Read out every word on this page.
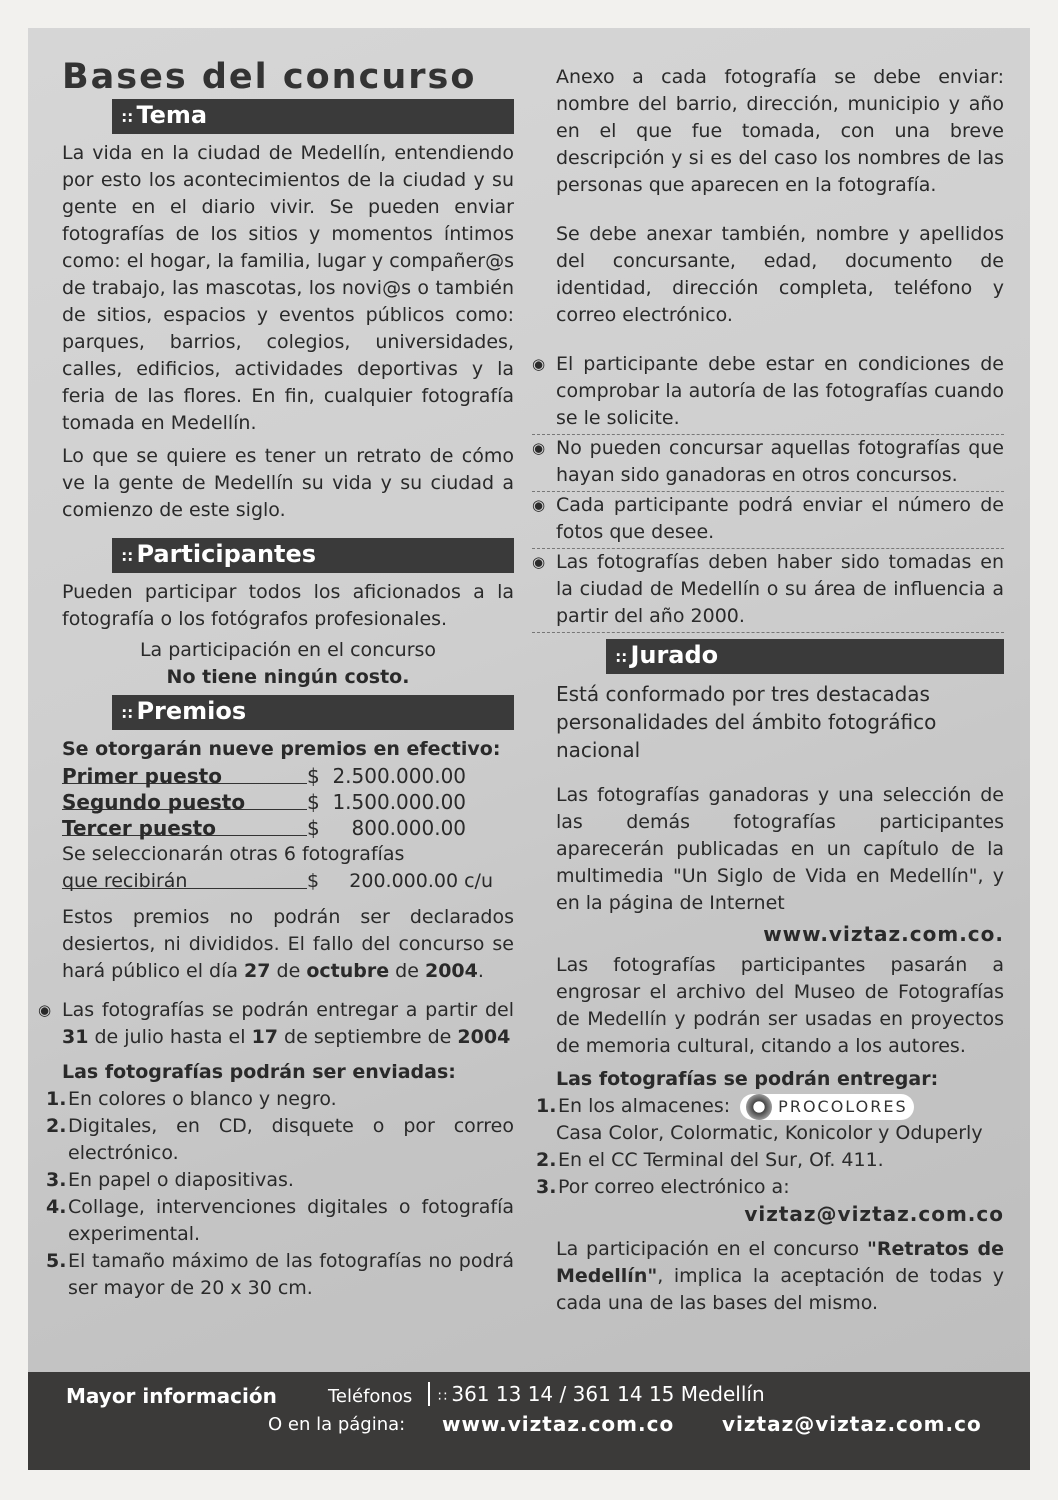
Bases del concurso
∷ Tema

La vida en la ciudad de Medellín, entendiendo por esto los acontecimientos de la ciudad y su gente en el diario vivir. Se pueden enviar fotografías de los sitios y momentos íntimos como: el hogar, la familia, lugar y compañer@s de trabajo, las mascotas, los novi@s o también de sitios, espacios y eventos públicos como: parques, barrios, colegios, universidades, calles, edificios, actividades deportivas y la feria de las flores. En fin, cualquier fotografía tomada en Medellín.

Lo que se quiere es tener un retrato de cómo ve la gente de Medellín su vida y su ciudad a comienzo de este siglo.

∷ Participantes

Pueden participar todos los aficionados a la fotografía o los fotógrafos profesionales.

La participación en el concurso
No tiene ningún costo.
∷ Premios
Se otorgarán nueve premios en efectivo:
Primer puesto	$  2.500.000.00
Segundo puesto	$  1.500.000.00
Tercer puesto	$     800.000.00
Se seleccionarán otras 6 fotografías
que recibirán	$     200.000.00 c/u

Estos premios no podrán ser declarados desiertos, ni divididos. El fallo del concurso se hará público el día 27 de octubre de 2004.

◉ Las fotografías se podrán entregar a partir del 31 de julio hasta el 17 de septiembre de 2004

Las fotografías podrán ser enviadas:
1. En colores o blanco y negro.
2. Digitales, en CD, disquete o por correo electrónico.
3. En papel o diapositivas.
4. Collage, intervenciones digitales o fotografía experimental.
5. El tamaño máximo de las fotografías no podrá ser mayor de 20 x 30 cm.

Anexo a cada fotografía se debe enviar: nombre del barrio, dirección, municipio y año en el que fue tomada, con una breve descripción y si es del caso los nombres de las personas que aparecen en la fotografía.

Se debe anexar también, nombre y apellidos del concursante, edad, documento de identidad, dirección completa, teléfono y correo electrónico.

◉ El participante debe estar en condiciones de comprobar la autoría de las fotografías cuando se le solicite.

◉ No pueden concursar aquellas fotografías que hayan sido ganadoras en otros concursos.

◉ Cada participante podrá enviar el número de fotos que desee.

◉ Las fotografías deben haber sido tomadas en la ciudad de Medellín o su área de influencia a partir del año 2000.

∷ Jurado

Está conformado por tres destacadas personalidades del ámbito fotográfico nacional

Las fotografías ganadoras y una selección de las demás fotografías participantes aparecerán publicadas en un capítulo de la multimedia "Un Siglo de Vida en Medellín", y en la página de Internet

www.viztaz.com.co.

Las fotografías participantes pasarán a engrosar el archivo del Museo de Fotografías de Medellín y podrán ser usadas en proyectos de memoria cultural, citando a los autores.

Las fotografías se podrán entregar:
1. En los almacenes:	PROCOLORES
Casa Color, Colormatic, Konicolor y Oduperly
2. En el CC Terminal del Sur, Of. 411.
3. Por correo electrónico a:
viztaz@viztaz.com.co

La participación en el concurso "Retratos de Medellín", implica la aceptación de todas y cada una de las bases del mismo.

Mayor información	Teléfonos	∷ 361 13 14 / 361 14 15 Medellín
O en la página: www.viztaz.com.co viztaz@viztaz.com.co
